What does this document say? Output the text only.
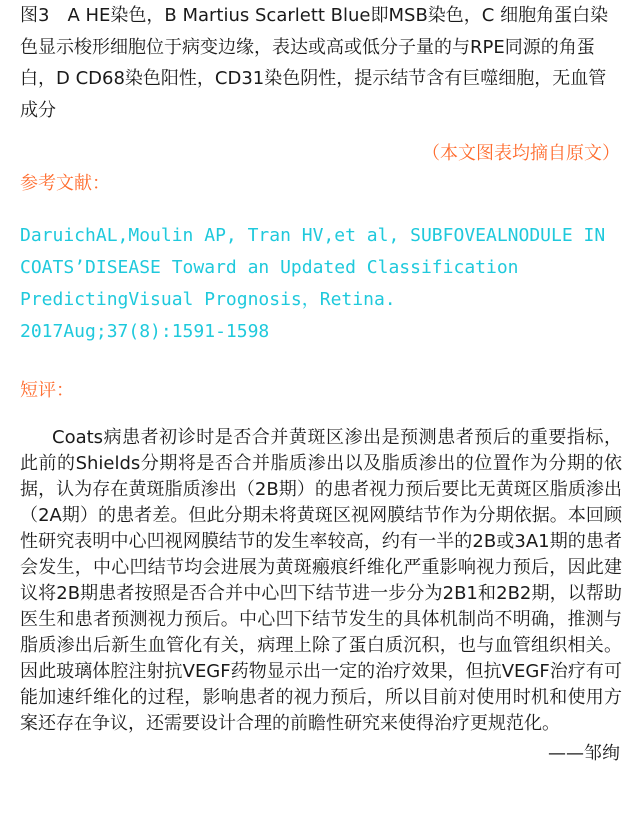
图3　A HE染色，B Martius Scarlett Blue即MSB染色，C 细胞角蛋白染色显示梭形细胞位于病变边缘，表达或高或低分子量的与RPE同源的角蛋白，D CD68染色阳性，CD31染色阴性，提示结节含有巨噬细胞，无血管成分

（本文图表均摘自原文）

参考文献：

DaruichAL,Moulin AP, Tran HV,et al, SUBFOVEALNODULE IN
COATS’DISEASE Toward an Updated Classification
PredictingVisual Prognosis，Retina.
2017Aug;37(8):1591-1598

短评：

Coats病患者初诊时是否合并黄斑区渗出是预测患者预后的重要指标，此前的Shields分期将是否合并脂质渗出以及脂质渗出的位置作为分期的依据，认为存在黄斑脂质渗出（2B期）的患者视力预后要比无黄斑区脂质渗出（2A期）的患者差。但此分期未将黄斑区视网膜结节作为分期依据。本回顾性研究表明中心凹视网膜结节的发生率较高，约有一半的2B或3A1期的患者会发生，中心凹结节均会进展为黄斑瘢痕纤维化严重影响视力预后，因此建议将2B期患者按照是否合并中心凹下结节进一步分为2B1和2B2期，以帮助医生和患者预测视力预后。中心凹下结节发生的具体机制尚不明确，推测与脂质渗出后新生血管化有关，病理上除了蛋白质沉积，也与血管组织相关。因此玻璃体腔注射抗VEGF药物显示出一定的治疗效果，但抗VEGF治疗有可能加速纤维化的过程，影响患者的视力预后，所以目前对使用时机和使用方案还存在争议，还需要设计合理的前瞻性研究来使得治疗更规范化。

——邹绚
